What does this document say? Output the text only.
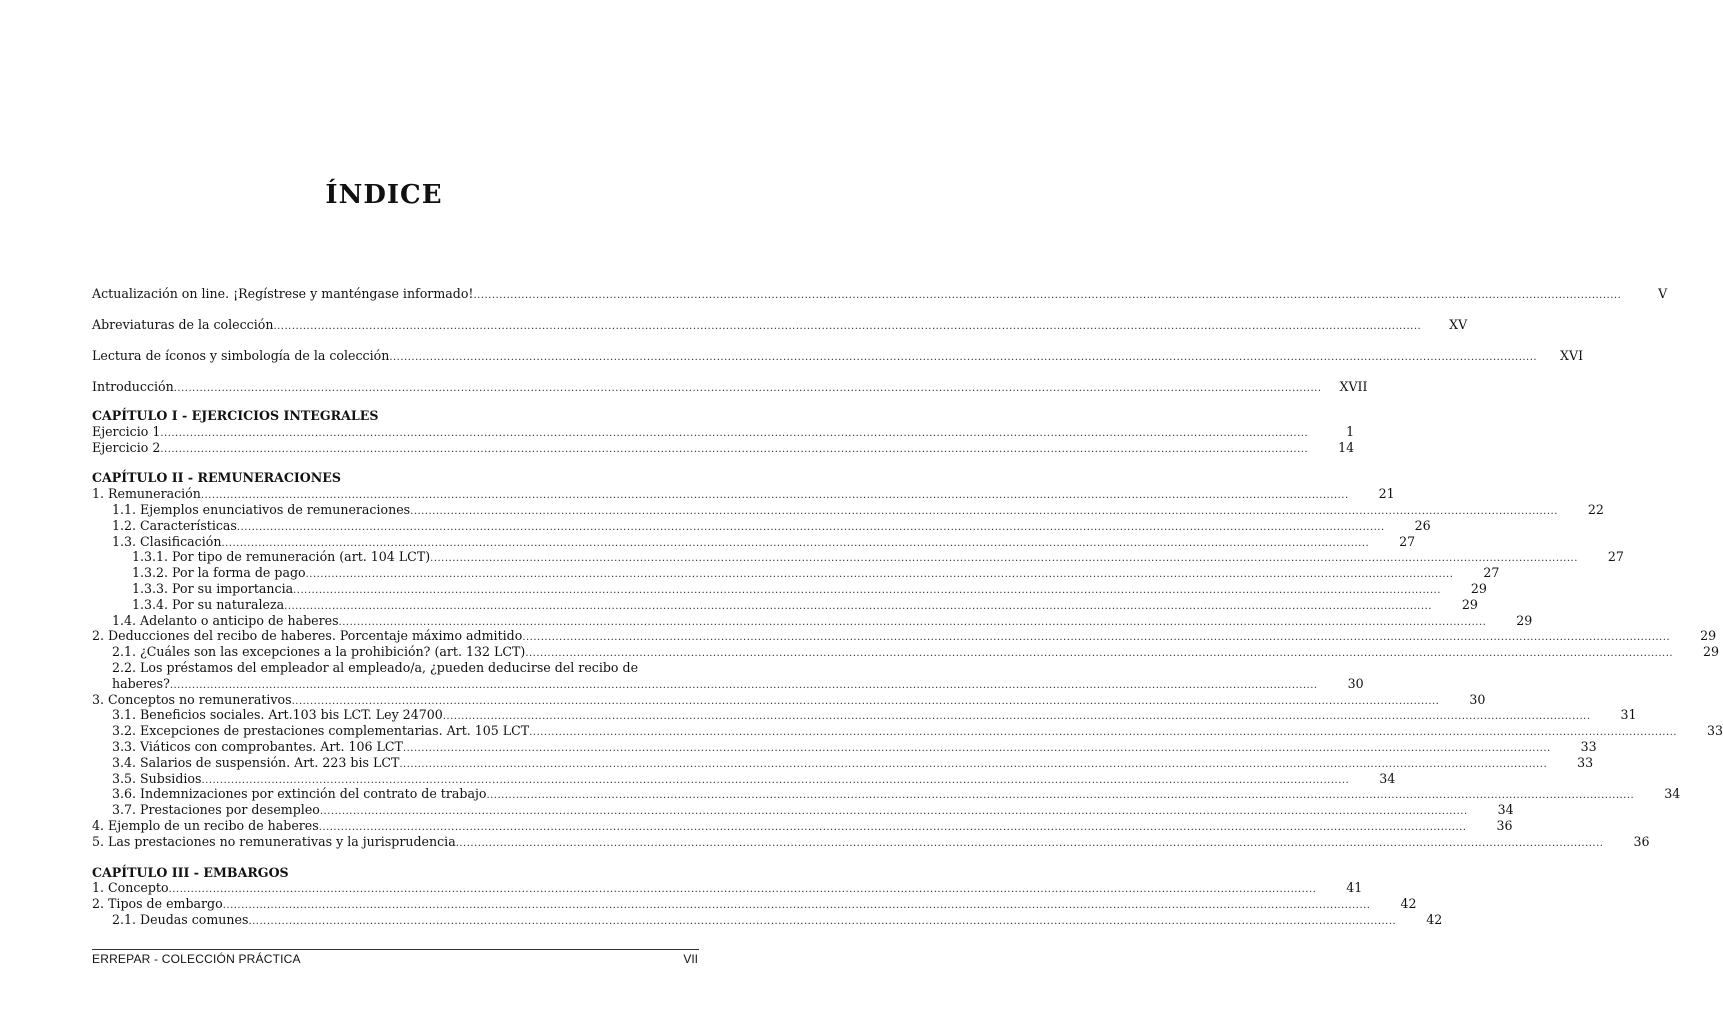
ÍNDICE
Actualización on line. ¡Regístrese y manténgase informado! .....	V
Abreviaturas de la colección .....	XV
Lectura de íconos y simbología de la colección .....	XVI
Introducción .....	XVII
CAPÍTULO I - EJERCICIOS INTEGRALES
Ejercicio 1 .....	1
Ejercicio 2 .....	14
CAPÍTULO II - REMUNERACIONES
1. Remuneración .....	21
1.1. Ejemplos enunciativos de remuneraciones .....	22
1.2. Características .....	26
1.3. Clasificación .....	27
1.3.1. Por tipo de remuneración (art. 104 LCT) .....	27
1.3.2. Por la forma de pago .....	27
1.3.3. Por su importancia .....	29
1.3.4. Por su naturaleza .....	29
1.4. Adelanto o anticipo de haberes .....	29
2. Deducciones del recibo de haberes. Porcentaje máximo admitido .....	29
2.1. ¿Cuáles son las excepciones a la prohibición? (art. 132 LCT) .....	29
2.2. Los préstamos del empleador al empleado/a, ¿pueden deducirse del recibo de
haberes? .....	30
3. Conceptos no remunerativos .....	30
3.1. Beneficios sociales. Art.103 bis LCT. Ley 24700 .....	31
3.2. Excepciones de prestaciones complementarias. Art. 105 LCT .....	33
3.3. Viáticos con comprobantes. Art. 106 LCT .....	33
3.4. Salarios de suspensión. Art. 223 bis LCT .....	33
3.5. Subsidios .....	34
3.6. Indemnizaciones por extinción del contrato de trabajo .....	34
3.7. Prestaciones por desempleo .....	34
4. Ejemplo de un recibo de haberes .....	36
5. Las prestaciones no remunerativas y la jurisprudencia .....	36
CAPÍTULO III - EMBARGOS
1. Concepto .....	41
2. Tipos de embargo .....	42
2.1. Deudas comunes .....	42
ERREPAR - COLECCIÓN PRÁCTICA	VII
